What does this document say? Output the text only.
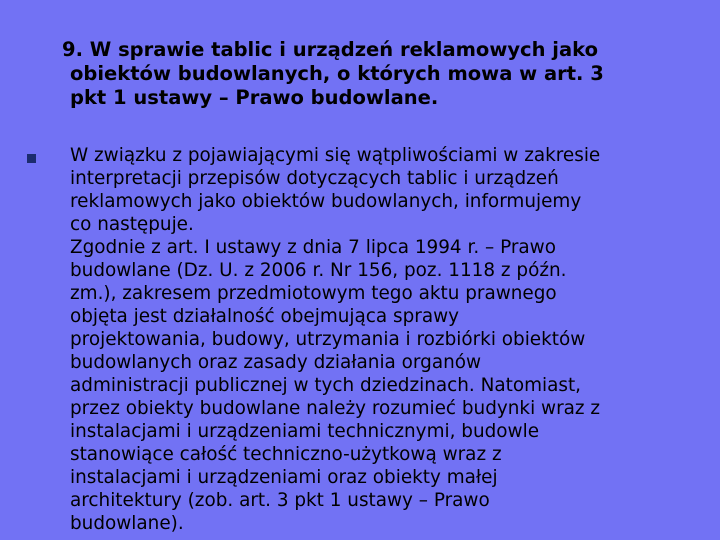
9. W sprawie tablic i urządzeń reklamowych jako
obiektów budowlanych, o których mowa w art. 3
pkt 1 ustawy – Prawo budowlane.

W związku z pojawiającymi się wątpliwościami w zakresie
interpretacji przepisów dotyczących tablic i urządzeń
reklamowych jako obiektów budowlanych, informujemy
co następuje.
Zgodnie z art. I ustawy z dnia 7 lipca 1994 r. – Prawo
budowlane (Dz. U. z 2006 r. Nr 156, poz. 1118 z późn.
zm.), zakresem przedmiotowym tego aktu prawnego
objęta jest działalność obejmująca sprawy
projektowania, budowy, utrzymania i rozbiórki obiektów
budowlanych oraz zasady działania organów
administracji publicznej w tych dziedzinach. Natomiast,
przez obiekty budowlane należy rozumieć budynki wraz z
instalacjami i urządzeniami technicznymi, budowle
stanowiące całość techniczno-użytkową wraz z
instalacjami i urządzeniami oraz obiekty małej
architektury (zob. art. 3 pkt 1 ustawy – Prawo
budowlane).
